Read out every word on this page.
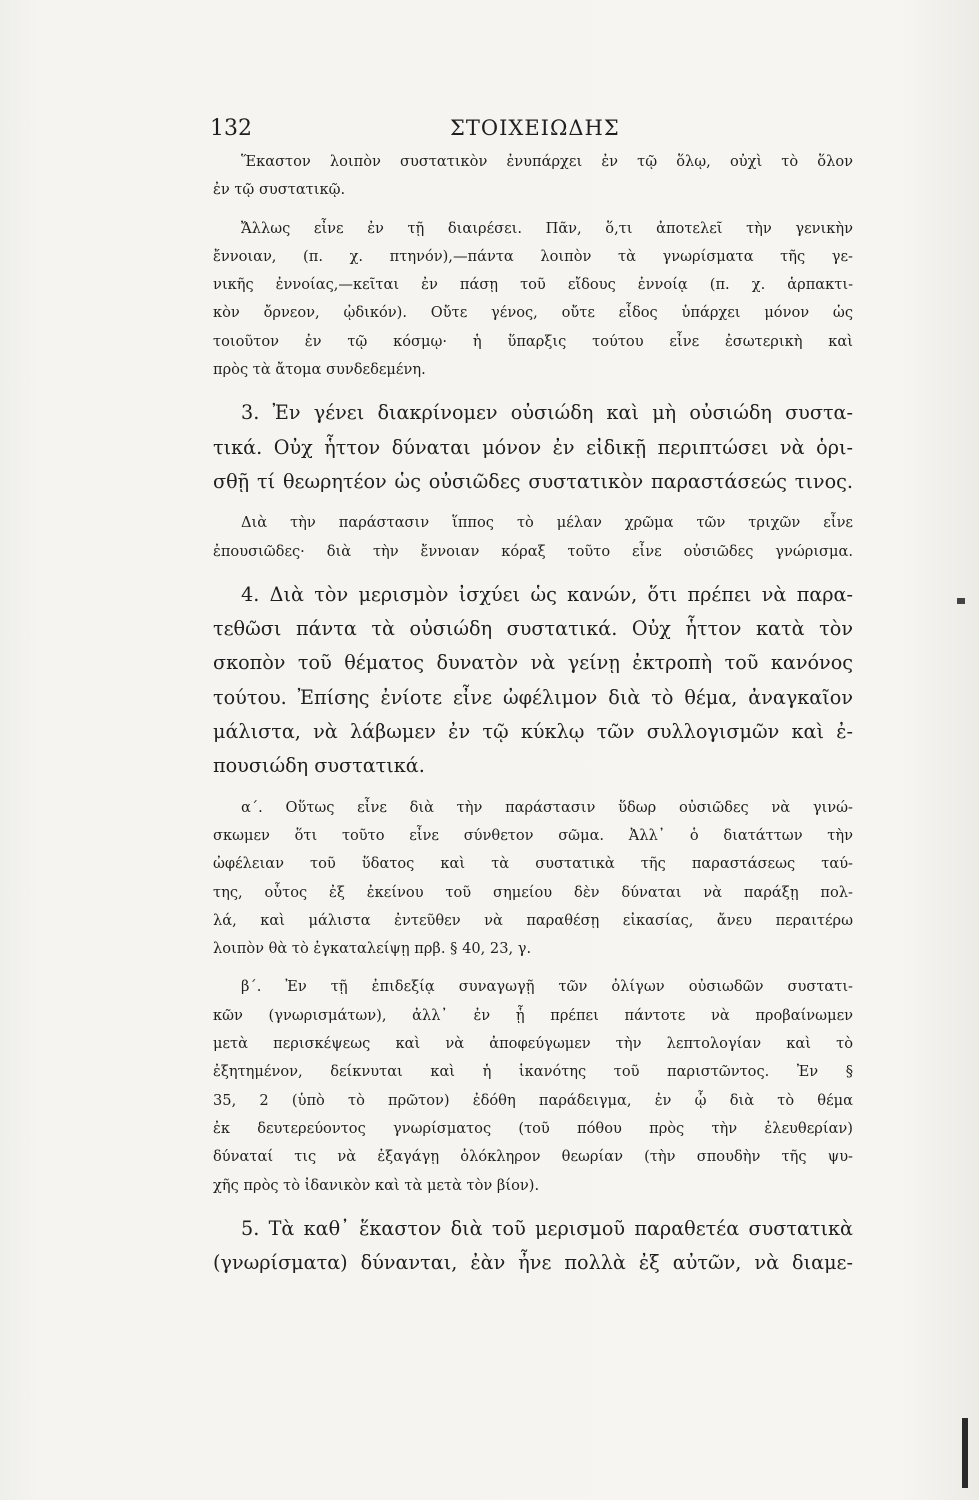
132	ΣΤΟΙΧΕΙΩΔΗΣ
Ἕκαστον λοιπὸν συστατικὸν ἐνυπάρχει ἐν τῷ ὅλῳ, οὐχὶ τὸ ὅλον
ἐν τῷ συστατικῷ.
Ἄλλως εἶνε ἐν τῇ διαιρέσει. Πᾶν, ὅ,τι ἀποτελεῖ τὴν γενικὴν
ἔννοιαν, (π. χ. πτηνόν),—πάντα λοιπὸν τὰ γνωρίσματα τῆς γε-
νικῆς ἐννοίας,—κεῖται ἐν πάσῃ τοῦ εἴδους ἐννοίᾳ (π. χ. ἁρπακτι-
κὸν ὄρνεον, ᾠδικόν). Οὔτε γένος, οὔτε εἶδος ὑπάρχει μόνον ὡς
τοιοῦτον ἐν τῷ κόσμῳ· ἡ ὕπαρξις τούτου εἶνε ἐσωτερικὴ καὶ
πρὸς τὰ ἄτομα συνδεδεμένη.
3. Ἐν γένει διακρίνομεν οὐσιώδη καὶ μὴ οὐσιώδη συστα-
τικά. Οὐχ ἧττον δύναται μόνον ἐν εἰδικῇ περιπτώσει νὰ ὁρι-
σθῇ τί θεωρητέον ὡς οὐσιῶδες συστατικὸν παραστάσεώς τινος.
Διὰ τὴν παράστασιν ἵππος τὸ μέλαν χρῶμα τῶν τριχῶν εἶνε
ἐπουσιῶδες· διὰ τὴν ἔννοιαν κόραξ τοῦτο εἶνε οὐσιῶδες γνώρισμα.
4. Διὰ τὸν μερισμὸν ἰσχύει ὡς κανών, ὅτι πρέπει νὰ παρα-
τεθῶσι πάντα τὰ οὐσιώδη συστατικά. Οὐχ ἧττον κατὰ τὸν
σκοπὸν τοῦ θέματος δυνατὸν νὰ γείνῃ ἐκτροπὴ τοῦ κανόνος
τούτου. Ἐπίσης ἐνίοτε εἶνε ὠφέλιμον διὰ τὸ θέμα, ἀναγκαῖον
μάλιστα, νὰ λάβωμεν ἐν τῷ κύκλῳ τῶν συλλογισμῶν καὶ ἐ-
πουσιώδη συστατικά.
α΄. Οὕτως εἶνε διὰ τὴν παράστασιν ὕδωρ οὐσιῶδες νὰ γινώ-
σκωμεν ὅτι τοῦτο εἶνε σύνθετον σῶμα. Ἀλλ᾽ ὁ διατάττων τὴν
ὠφέλειαν τοῦ ὕδατος καὶ τὰ συστατικὰ τῆς παραστάσεως ταύ-
της, οὗτος ἐξ ἐκείνου τοῦ σημείου δὲν δύναται νὰ παράξῃ πολ-
λά, καὶ μάλιστα ἐντεῦθεν νὰ παραθέσῃ εἰκασίας, ἄνευ περαιτέρω
λοιπὸν θὰ τὸ ἐγκαταλείψῃ πρβ. § 40, 23, γ.
β΄. Ἐν τῇ ἐπιδεξίᾳ συναγωγῇ τῶν ὀλίγων οὐσιωδῶν συστατι-
κῶν (γνωρισμάτων), ἀλλ᾽ ἐν ᾗ πρέπει πάντοτε νὰ προβαίνωμεν
μετὰ περισκέψεως καὶ νὰ ἀποφεύγωμεν τὴν λεπτολογίαν καὶ τὸ
ἐξητημένον, δείκνυται καὶ ἡ ἱκανότης τοῦ παριστῶντος. Ἐν §
35, 2 (ὑπὸ τὸ πρῶτον) ἐδόθη παράδειγμα, ἐν ᾧ διὰ τὸ θέμα
ἐκ δευτερεύοντος γνωρίσματος (τοῦ πόθου πρὸς τὴν ἐλευθερίαν)
δύναταί τις νὰ ἐξαγάγῃ ὁλόκληρον θεωρίαν (τὴν σπουδὴν τῆς ψυ-
χῆς πρὸς τὸ ἰδανικὸν καὶ τὰ μετὰ τὸν βίον).
5. Τὰ καθ᾽ ἕκαστον διὰ τοῦ μερισμοῦ παραθετέα συστατικὰ
(γνωρίσματα) δύνανται, ἐὰν ἦνε πολλὰ ἐξ αὐτῶν, νὰ διαμε-
